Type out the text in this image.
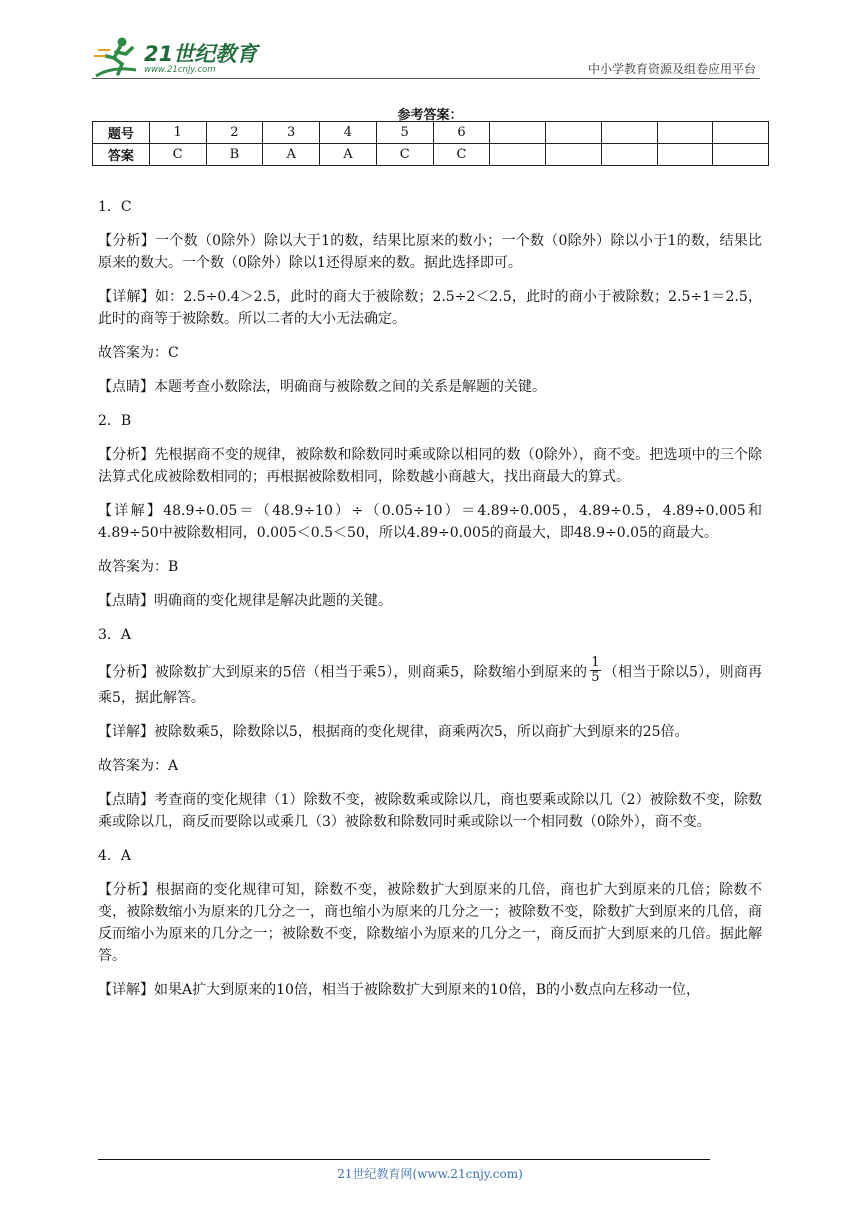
21世纪教育
www.21cnjy.com	中小学教育资源及组卷应用平台
参考答案：
题号	1	2	3	4	5	6					
答案	C	B	A	A	C	C					

1．C

【分析】一个数（0除外）除以大于1的数，结果比原来的数小；一个数（0除外）除以小于1的数，结果比原来的数大。一个数（0除外）除以1还得原来的数。据此选择即可。

【详解】如：2.5÷0.4＞2.5，此时的商大于被除数；2.5÷2＜2.5，此时的商小于被除数；2.5÷1＝2.5，此时的商等于被除数。所以二者的大小无法确定。

故答案为：C

【点睛】本题考查小数除法，明确商与被除数之间的关系是解题的关键。

2．B

【分析】先根据商不变的规律，被除数和除数同时乘或除以相同的数（0除外），商不变。把选项中的三个除法算式化成被除数相同的；再根据被除数相同，除数越小商越大，找出商最大的算式。

【详解】48.9÷0.05＝（48.9÷10）÷（0.05÷10）＝4.89÷0.005，4.89÷0.5，4.89÷0.005和4.89÷50中被除数相同，0.005＜0.5＜50，所以4.89÷0.005的商最大，即48.9÷0.05的商最大。

故答案为：B

【点睛】明确商的变化规律是解决此题的关键。

3．A

【分析】被除数扩大到原来的5倍（相当于乘5），则商乘5，除数缩小到原来的 $\frac{1}{5}$ （相当于除以5），则商再乘5，据此解答。

【详解】被除数乘5，除数除以5，根据商的变化规律，商乘两次5，所以商扩大到原来的25倍。

故答案为：A

【点睛】考查商的变化规律（1）除数不变，被除数乘或除以几，商也要乘或除以几（2）被除数不变，除数乘或除以几，商反而要除以或乘几（3）被除数和除数同时乘或除以一个相同数（0除外），商不变。

4．A

【分析】根据商的变化规律可知，除数不变，被除数扩大到原来的几倍，商也扩大到原来的几倍；除数不变，被除数缩小为原来的几分之一，商也缩小为原来的几分之一；被除数不变，除数扩大到原来的几倍，商反而缩小为原来的几分之一；被除数不变，除数缩小为原来的几分之一，商反而扩大到原来的几倍。据此解答。

【详解】如果A扩大到原来的10倍，相当于被除数扩大到原来的10倍，B的小数点向左移动一位，

21世纪教育网(www.21cnjy.com)
